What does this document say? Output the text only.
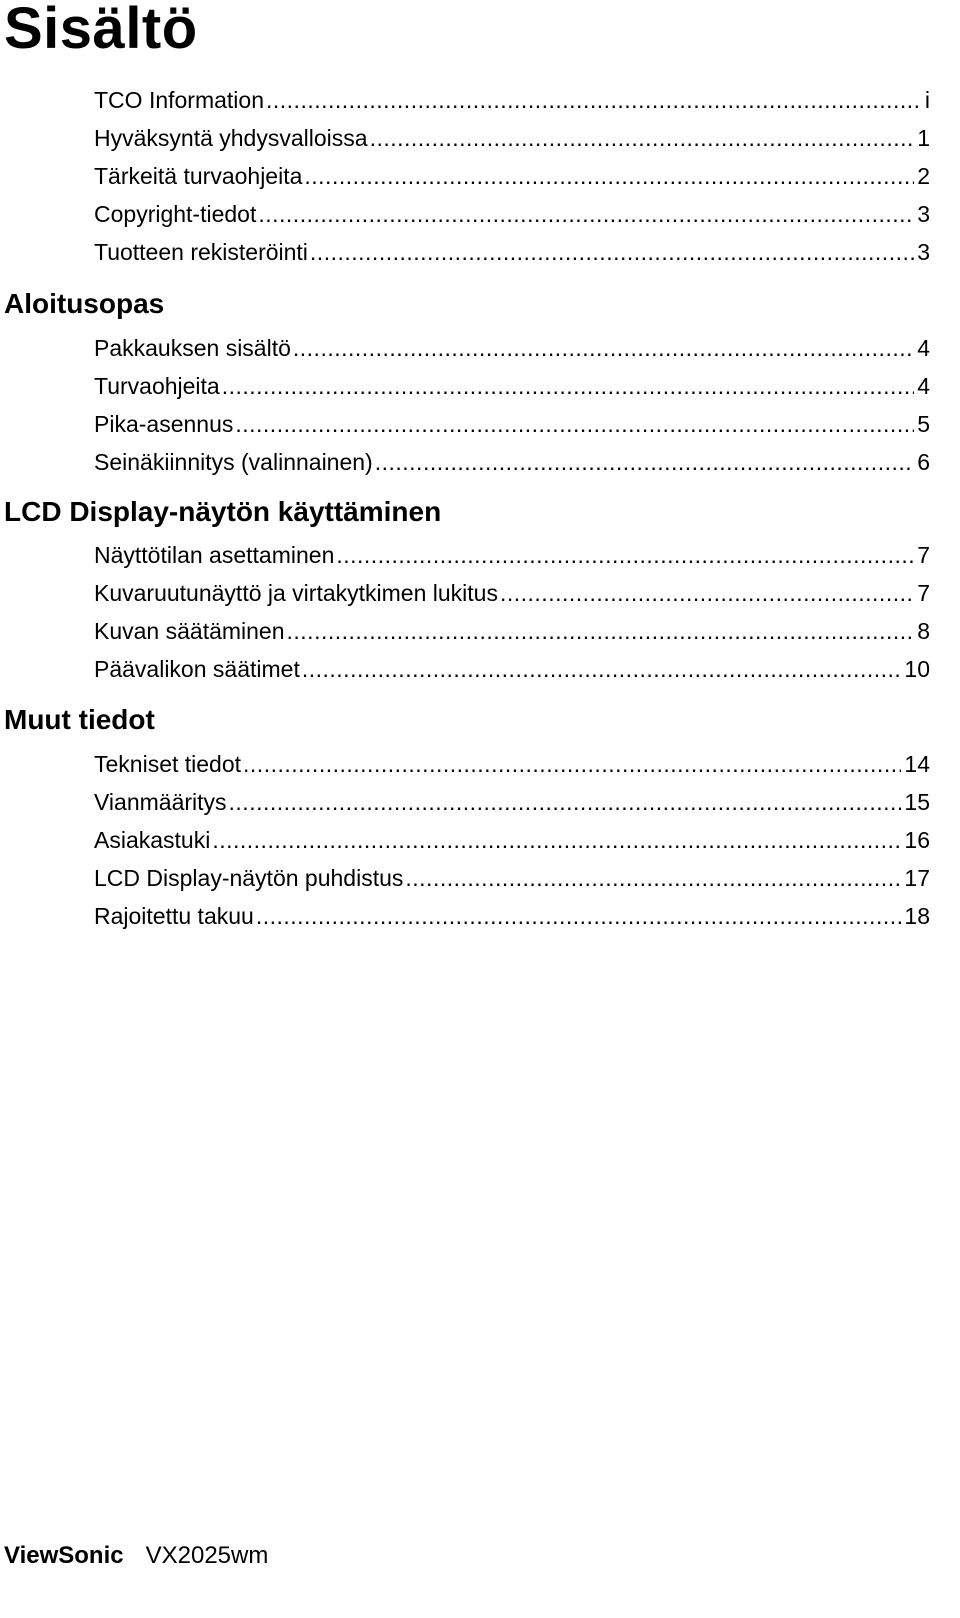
Sisältö
TCO Information .....	i
Hyväksyntä yhdysvalloissa .....	1
Tärkeitä turvaohjeita .....	2
Copyright-tiedot .....	3
Tuotteen rekisteröinti .....	3
Aloitusopas
Pakkauksen sisältö .....	4
Turvaohjeita .....	4
Pika-asennus .....	5
Seinäkiinnitys (valinnainen) .....	6
LCD Display-näytön käyttäminen
Näyttötilan asettaminen .....	7
Kuvaruutunäyttö ja virtakytkimen lukitus .....	7
Kuvan säätäminen .....	8
Päävalikon säätimet .....	10
Muut tiedot
Tekniset tiedot .....	14
Vianmääritys .....	15
Asiakastuki .....	16
LCD Display-näytön puhdistus .....	17
Rajoitettu takuu .....	18
ViewSonic VX2025wm
